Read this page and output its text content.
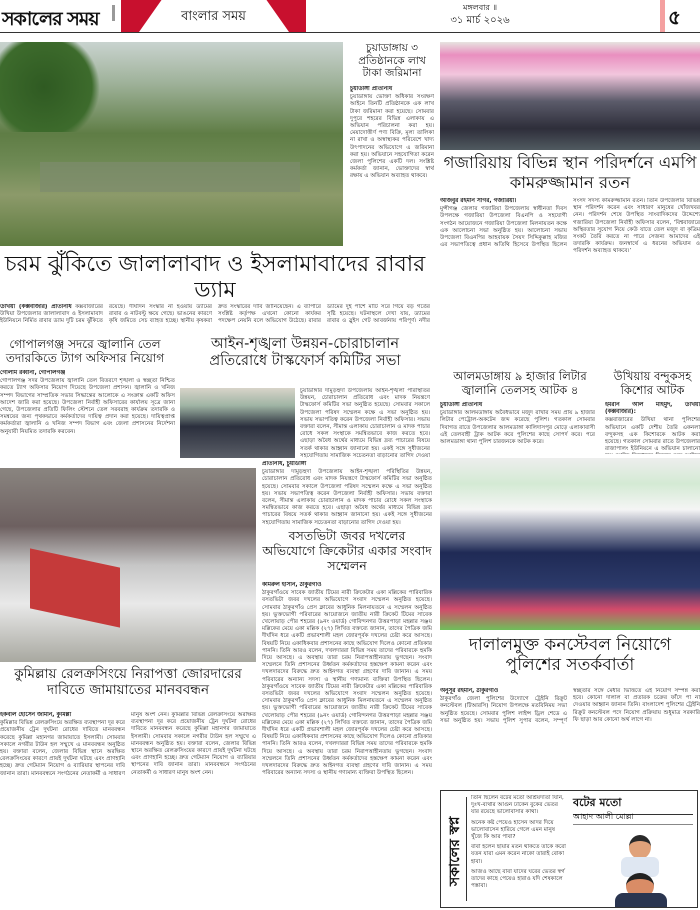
সকালের সময়	বাংলার সময়
মঙ্গলবার ॥
৩১ মার্চ ২০২৬	৫
চুয়াডাঙ্গায় ৩ প্রতিষ্ঠানকে লাখ টাকা জরিমানা
চুয়াডাঙ্গা প্রতিনিধি
চুয়াডাঙ্গায় ভোক্তা অধিকার সংরক্ষণ আইনে তিনটি প্রতিষ্ঠানকে এক লাখ টাকা জরিমানা করা হয়েছে। সোমবার দুপুরে শহরের বিভিন্ন এলাকায় এ অভিযান পরিচালনা করা হয়। মেয়াদোত্তীর্ণ পণ্য বিক্রি, মূল্য তালিকা না রাখা ও অস্বাস্থ্যকর পরিবেশে খাদ্য উৎপাদনের অভিযোগে এ জরিমানা করা হয়। অভিযানে সহযোগিতা করেন জেলা পুলিশের একটি দল। সংশ্লিষ্ট কর্মকর্তা জানান, ভোক্তাদের স্বার্থ রক্ষায় এ অভিযান অব্যাহত থাকবে।
গজারিয়ায় বিভিন্ন স্থান পরিদর্শনে এমপি কামরুজ্জামান রতন
অজিবুর রহমান সাগর, গজারিয়া।
মুন্সীগঞ্জ জেলার গজারিয়া উপজেলায় স্বাধীনতা দিবস উপলক্ষে গজারিয়া উপজেলা বিএনপি ও সহযোগী সংগঠন আয়োজনে গজারিয়া উপজেলা মিলনায়তন কক্ষে এক আলোচনা সভা অনুষ্ঠিত হয়। আলোচনা সভায় উপজেলা বিএনপির আহবায়ক সৈয়দ সিদ্দিকুল্লাহ মজির এর সভাপতিত্বে প্রধান অতিথি হিসেবে উপস্থিত ছিলেন সংসদ সদস্য কামরুজ্জামান রতন। তিনি উপজেলার বিভিন্ন স্থান পরিদর্শন করেন এবং সাধারণ মানুষের খোঁজখবর নেন। পরিদর্শন শেষে উপস্থিত সাংবাদিকদের উদ্দেশ্যে গজারিয়া উপজেলা নির্বাহী অফিসার বলেন, ‘বিশ্ববাজারে অস্থিরতার সুযোগ নিয়ে কেউ যাতে তেল মজুদ বা কৃত্রিম সংকট তৈরি করতে না পারে সেজন্য আমাদের এই তদারকি কার্যক্রম। জনস্বার্থে এ ধরনের অভিযান ও পরিদর্শন অব্যাহত থাকবে।’
চরম ঝুঁকিতে জালালাবাদ ও ইসলামাবাদের রাবার ড্যাম
উখিয়া (কক্সবাজার) প্রতিনিধি কক্সবাজারের উখিয়া উপজেলার জালালাবাদ ও ইসলামাবাদ ইউনিয়নে নির্মিত রাবার ড্যাম দুটি চরম ঝুঁকিতে রয়েছে। দীর্ঘদিন সংস্কার না হওয়ায় ড্যামের রাবার ও নাটবল্টু ক্ষয়ে গেছে। ভাঙনের কারণে কৃষি জমিতে সেচ ব্যাহত হচ্ছে। স্থানীয় কৃষকরা দ্রুত সংস্কারের দাবি জানিয়েছেন। এ ব্যাপারে সংশ্লিষ্ট কর্তৃপক্ষ এখনো কোনো কার্যকর পদক্ষেপ নেয়নি বলে অভিযোগ উঠেছে। রাবার ড্যামের দুই পাশে মাটি সরে গিয়ে বড় গর্তের সৃষ্টি হয়েছে। ঘটনাস্থলে দেখা যায়, ড্যামের রাবার ও স্লুইস গেট আবর্জনায় পরিপূর্ণ। নদীর
গোপালগঞ্জ সদরে জ্বালানি তেল তদারকিতে ট্যাগ অফিসার নিয়োগ
গোলাম রব্বানী, গোপালগঞ্জ
গোপালগঞ্জ সদর উপজেলায় জ্বালানি তেল বিতরণে শৃঙ্খলা ও স্বচ্ছতা নিশ্চিত করতে ট্যাগ অফিসার নিয়োগ দিয়েছে উপজেলা প্রশাসন। জ্বালানি ও খনিজ সম্পদ বিভাগের সাম্প্রতিক সভার সিদ্ধান্তের আলোকে এ সংক্রান্ত একটি অফিস আদেশ জারি করা হয়েছে। উপজেলা নির্বাহী অফিসারের কার্যালয় সূত্রে জানা গেছে, উপজেলার প্রতিটি ফিলিং স্টেশনে তেল সরবরাহ কার্যক্রম তদারকি ও সমন্বয়ের জন্য পৃথকভাবে কর্মকর্তাদের দায়িত্ব প্রদান করা হয়েছে। দায়িত্বপ্রাপ্ত কর্মকর্তারা জ্বালানি ও খনিজ সম্পদ বিভাগ এবং জেলা প্রশাসনের নির্দেশনা অনুযায়ী নিয়মিত তদারকি করবেন।
আইন-শৃঙ্খলা উন্নয়ন-চোরাচালান প্রতিরোধে টাস্কফোর্স কমিটির সভা
প্রতিনিধি, চুয়াডাঙ্গা
চুয়াডাঙ্গার দামুড়হুদা উপজেলায় আইন-শৃঙ্খলা পরিস্থিতির উন্নয়ন, চোরাচালান প্রতিরোধ এবং মাদক নিয়ন্ত্রণে টাস্কফোর্স কমিটির সভা অনুষ্ঠিত হয়েছে। সোমবার সকালে উপজেলা পরিষদ সম্মেলন কক্ষে এ সভা অনুষ্ঠিত হয়। সভায় সভাপতিত্ব করেন উপজেলা নির্বাহী অফিসার। সভায় বক্তারা বলেন, সীমান্ত এলাকায় চোরাচালান ও মাদক পাচার রোধে সকল সংস্থাকে সমন্বিতভাবে কাজ করতে হবে। এছাড়া অবৈধ অর্থের মাধ্যমে বিভিন্ন দ্রব্য পাচারের বিষয়ে সতর্ক থাকার আহ্বান জানানো হয়। একই সঙ্গে সুধীজনের সহযোগিতায় সামাজিক সচেতনতা বাড়ানোর তাগিদ দেওয়া হয়।
চুয়াডাঙ্গার দামুড়হুদা উপজেলায় আইন-শৃঙ্খলা পরিস্থিতির উন্নয়ন, চোরাচালান প্রতিরোধ এবং মাদক নিয়ন্ত্রণে টাস্কফোর্স কমিটির সভা অনুষ্ঠিত হয়েছে। সোমবার সকালে উপজেলা পরিষদ সম্মেলন কক্ষে এ সভা অনুষ্ঠিত হয়। সভায় সভাপতিত্ব করেন উপজেলা নির্বাহী অফিসার। সভায় বক্তারা বলেন, সীমান্ত এলাকায় চোরাচালান ও মাদক পাচার রোধে সকল সংস্থাকে সমন্বিতভাবে কাজ করতে হবে। এছাড়া অবৈধ অর্থের মাধ্যমে বিভিন্ন দ্রব্য পাচারের বিষয়ে সতর্ক থাকার আহ্বান জানানো হয়। একই সঙ্গে সুধীজনের সহযোগিতায় সামাজিক সচেতনতা বাড়ানোর তাগিদ দেওয়া
আলমডাঙ্গায় ৯ হাজার লিটার জ্বালানি তেলসহ আটক ৪
চুয়াডাঙ্গা প্রতিনিধি
চুয়াডাঙ্গার আলমডাঙ্গায় অবৈধভাবে মজুদ রাখার সময় প্রায় ৯ হাজার লিটার পেট্রোল-অকটেন জব্দ করেছে পুলিশ। গতকাল সোমবার দিবাগত রাতে উপজেলার আলমডাঙ্গা কালিদাসপুর মোড়ে এলাকাবাসী এই তেলবাহী ট্রাক আটক করে পুলিশের কাছে সোপর্দ করে। পরে আলমডাঙ্গা থানা পুলিশ চারজনকে আটক করে।
উখিয়ায় বন্দুকসহ কিশোর আটক
ইমরান আল মাহমুদ, উখিয়া (কক্সবাজার):
কক্সবাজারের উখিয়া থানা পুলিশের অভিযানে একটি দেশীয় তৈরি একনলা বন্দুকসহ এক কিশোরকে আটক করা হয়েছে। গতকাল সোমবার রাতে উপজেলার রাজাপালং ইউনিয়নে এ অভিযান চালানো
বসতভিটা জবর দখলের অভিযোগে ক্রিকেটার একার সংবাদ সম্মেলন
কামরুল হাসান, ঠাকুরগাঁও
ঠাকুরগাঁওয়ে সাবেক জাতীয় টিমের নারী ক্রিকেটার একা মল্লিকের পারিবারিক বসতভিটা জবর দখলের অভিযোগে সংবাদ সম্মেলন অনুষ্ঠিত হয়েছে। সোমবার ঠাকুরগাঁও প্রেস ক্লাবের আধুনিক মিলনায়তনে এ সম্মেলন অনুষ্ঠিত হয়। ভুক্তভোগী পরিবারের আয়োজনে জাতীয় নারী ক্রিকেট টিমের সাবেক খেলোয়াড় পৌর শহরের (৯নং ওয়ার্ড) গোবিন্দনগর উত্তরপাড়া মহল্লার সঞ্জয় মল্লিকের মেয়ে একা মল্লিক (২৭) লিখিত বক্তব্যে জানান, তাদের পৈত্রিক জমি দীর্ঘদিন ধরে একটি প্রভাবশালী মহল জোরপূর্বক দখলের চেষ্টা করে আসছে। বিষয়টি নিয়ে একাধিকবার প্রশাসনের কাছে অভিযোগ দিলেও কোনো প্রতিকার পাননি। তিনি আরও বলেন, দখলদাররা বিভিন্ন সময় তাদের পরিবারকে হুমকি দিয়ে আসছে। এ অবস্থায় তারা চরম নিরাপত্তাহীনতায় ভুগছেন। সংবাদ সম্মেলনে তিনি প্রশাসনের উর্ধ্বতন কর্মকর্তাদের হস্তক্ষেপ কামনা করেন এবং দখলদারদের বিরুদ্ধে দ্রুত আইনগত ব্যবস্থা গ্রহণের দাবি জানান। এ সময় পরিবারের অন্যান্য সদস্য ও স্থানীয় গণ্যমান্য ব্যক্তিরা উপস্থিত ছিলেন। ঠাকুরগাঁওয়ে সাবেক জাতীয় টিমের নারী ক্রিকেটার একা মল্লিকের পারিবারিক বসতভিটা জবর দখলের অভিযোগে সংবাদ সম্মেলন অনুষ্ঠিত হয়েছে। সোমবার ঠাকুরগাঁও প্রেস ক্লাবের আধুনিক মিলনায়তনে এ সম্মেলন অনুষ্ঠিত হয়। ভুক্তভোগী পরিবারের আয়োজনে জাতীয় নারী ক্রিকেট টিমের সাবেক খেলোয়াড় পৌর শহরের (৯নং ওয়ার্ড) গোবিন্দনগর উত্তরপাড়া মহল্লার সঞ্জয় মল্লিকের মেয়ে একা মল্লিক (২৭) লিখিত বক্তব্যে জানান, তাদের পৈত্রিক জমি দীর্ঘদিন ধরে একটি প্রভাবশালী মহল জোরপূর্বক দখলের চেষ্টা করে আসছে। বিষয়টি নিয়ে একাধিকবার প্রশাসনের কাছে অভিযোগ দিলেও কোনো প্রতিকার পাননি। তিনি আরও বলেন, দখলদাররা বিভিন্ন সময় তাদের পরিবারকে হুমকি দিয়ে আসছে। এ অবস্থায় তারা চরম নিরাপত্তাহীনতায় ভুগছেন। সংবাদ সম্মেলনে তিনি প্রশাসনের উর্ধ্বতন কর্মকর্তাদের হস্তক্ষেপ কামনা করেন এবং দখলদারদের বিরুদ্ধে দ্রুত আইনগত ব্যবস্থা গ্রহণের দাবি জানান। এ সময় পরিবারের অন্যান্য সদস্য ও স্থানীয় গণ্যমান্য ব্যক্তিরা উপস্থিত ছিলেন।
দালালমুক্ত কনস্টেবল নিয়োগে পুলিশের সতর্কবার্তা
অনুসূর রহমান, ঠাকুরগাঁও
ঠাকুরগাঁও জেলা পুলিশের উদ্যোগে ট্রেইনি রিক্রুট কনস্টেবল (টিআরসি) নিয়োগ উপলক্ষে মতবিনিময় সভা অনুষ্ঠিত হয়েছে। সোমবার পুলিশ লাইন্স ড্রিল শেডে এ সভা অনুষ্ঠিত হয়। সভায় পুলিশ সুপার বলেন, সম্পূর্ণ স্বচ্ছতার সঙ্গে মেধার ভিত্তিতে এই নিয়োগ সম্পন্ন করা হবে। কোনো দালাল বা প্রতারক চক্রের ফাঁদে পা না দেওয়ার আহ্বান জানান তিনি। বাংলাদেশ পুলিশের ট্রেইনি রিক্রুট কনস্টেবল পদে নিয়োগ প্রক্রিয়ায় শুধুমাত্র সরকারি ফি ছাড়া আর কোনো অর্থ লাগে না।
কুমিল্লায় রেলক্রসিংয়ে নিরাপত্তা জোরদারের দাবিতে জামায়াতের মানববন্ধন
ইকবাল হোসেন জামান, কুমিল্লা
কুমিল্লার বিভিন্ন রেলক্রসিংয়ে অরক্ষিত ব্যবস্থাপনা দূর করে প্রয়োজনীয় ট্রেন দুর্ঘটনা রোধের দাবিতে মানববন্ধন করেছে কুমিল্লা মহানগর জামায়াতে ইসলামী। সোমবার সকালে নগরীর টাউন হল সম্মুখে এ মানববন্ধন অনুষ্ঠিত হয়। বক্তারা বলেন, জেলার বিভিন্ন স্থানে অরক্ষিত রেলক্রসিংয়ের কারণে প্রায়ই দুর্ঘটনা ঘটছে এবং প্রাণহানি হচ্ছে। দ্রুত গেটম্যান নিয়োগ ও ব্যারিয়ার স্থাপনের দাবি জানান তারা। মানববন্ধনে সংগঠনের নেতাকর্মী ও সাধারণ মানুষ অংশ নেন। কুমিল্লার বিভিন্ন রেলক্রসিংয়ে অরক্ষিত ব্যবস্থাপনা দূর করে প্রয়োজনীয় ট্রেন দুর্ঘটনা রোধের দাবিতে মানববন্ধন করেছে কুমিল্লা মহানগর জামায়াতে ইসলামী। সোমবার সকালে নগরীর টাউন হল সম্মুখে এ মানববন্ধন অনুষ্ঠিত হয়। বক্তারা বলেন, জেলার বিভিন্ন স্থানে অরক্ষিত রেলক্রসিংয়ের কারণে প্রায়ই দুর্ঘটনা ঘটছে এবং প্রাণহানি হচ্ছে। দ্রুত গেটম্যান নিয়োগ ও ব্যারিয়ার স্থাপনের দাবি জানান তারা। মানববন্ধনে সংগঠনের নেতাকর্মী ও সাধারণ মানুষ অংশ নেন।
সকালের স্বপ্ন

তিনি ছিলেন বটের মতো আশ্রয়দাতা যিনি, দুঃখ-ব্যথার আগুন ঢাকেন বুকের ভেতর যার রয়েছে ভালোবাসার কাথা।

অনেক কষ্ট পেয়েও হাসেন আদর দিয়ে ভালোবাসেন হারিয়ে গেলে এমন মানুষ খুঁজে কি আর পাবা?

বাবা হলেন ছায়ার মতন থাকতে তাকে করো যতন যারা এমন করেন নাকো তারাই বোকা হাবা।

আজও আছে বাবা যাদের ঘরের ভেতর স্বর্গ তাদের কাছে পেয়েও হারাও যদি শেষকালে পস্তাবা।

বটের মতো
আহাদ আলী মোল্লা
